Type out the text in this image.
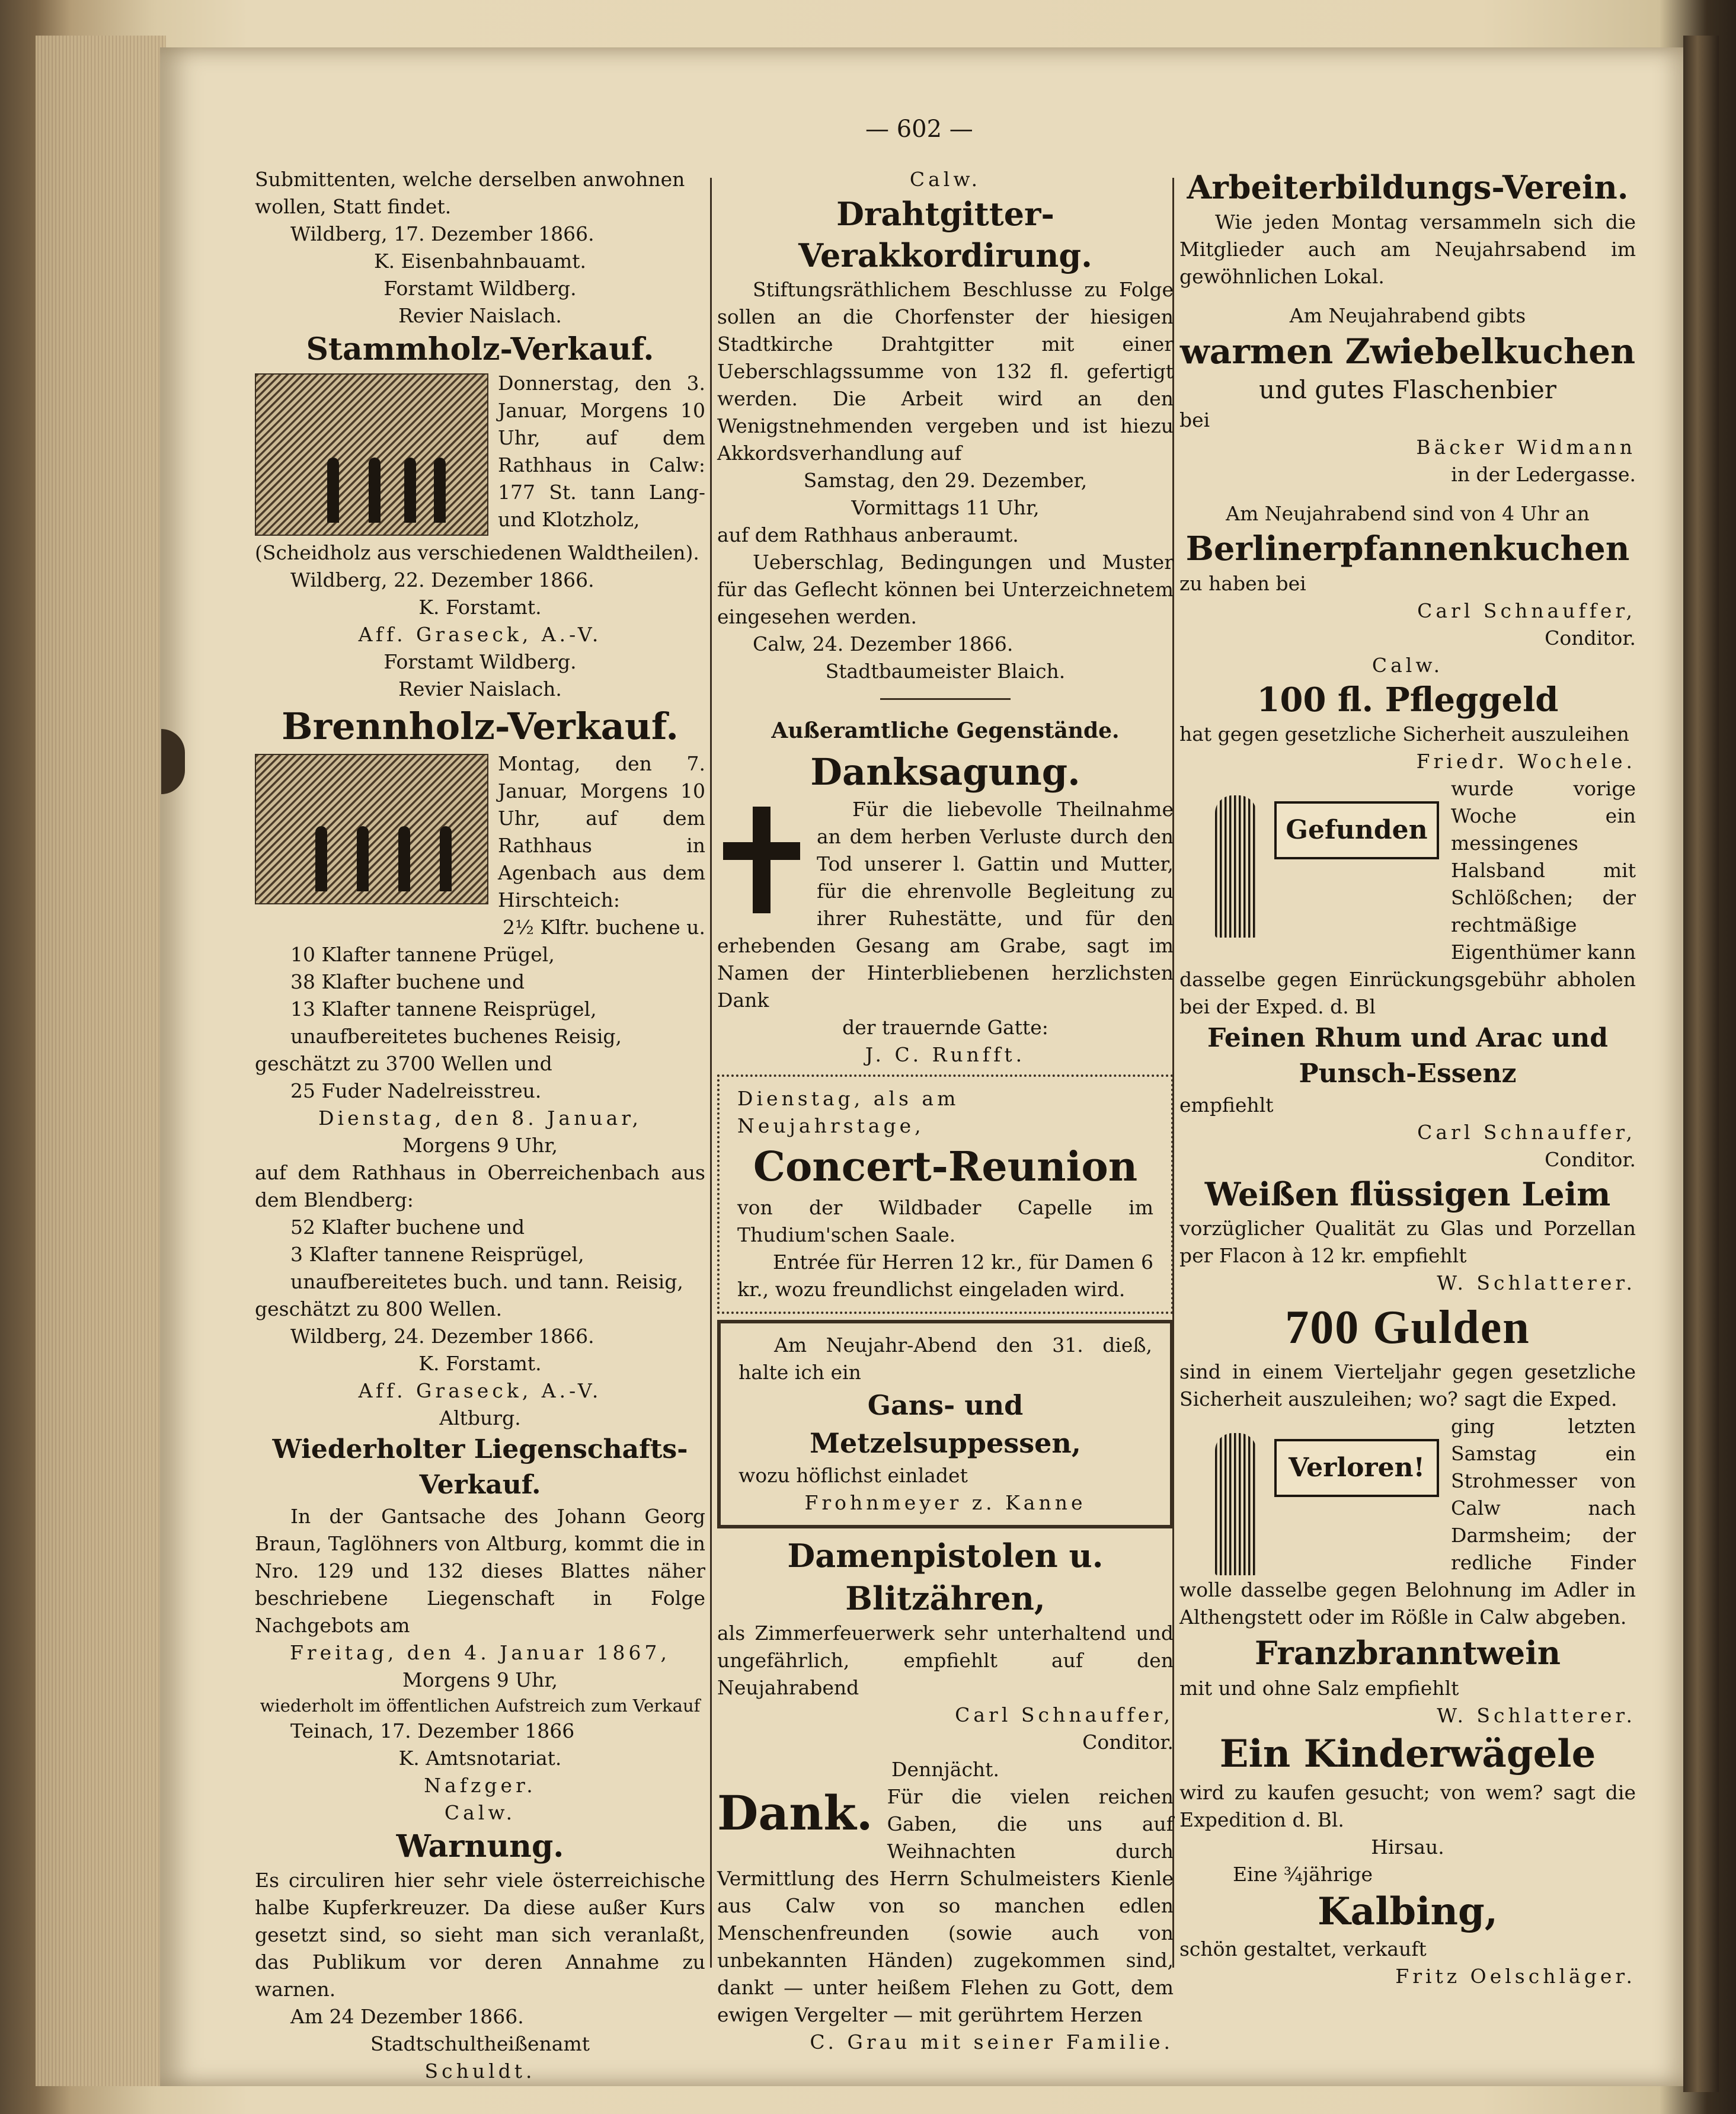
— 602 —

Submittenten, welche derselben anwohnen

wollen, Statt findet.

Wildberg, 17. Dezember 1866.

K. Eisenbahnbauamt.

Forstamt Wildberg.

Revier Naislach.

Stammholz-Verkauf.

Donnerstag, den 3. Januar, Morgens 10 Uhr, auf dem Rathhaus in Calw: 177 St. tann Lang- und Klotzholz,

(Scheidholz aus verschiedenen Waldtheilen).

Wildberg, 22. Dezember 1866.

K. Forstamt.

Aff. Graseck, A.-V.

Forstamt Wildberg.

Revier Naislach.

Brennholz-Verkauf.

Montag, den 7. Januar, Morgens 10 Uhr, auf dem Rathhaus in Agenbach aus dem Hirschteich:

2½ Klftr. buchene u.

10 Klafter tannene Prügel,

38 Klafter buchene und

13 Klafter tannene Reisprügel,

unaufbereitetes buchenes Reisig, geschätzt zu 3700 Wellen und

25 Fuder Nadelreisstreu.

Dienstag, den 8. Januar,

Morgens 9 Uhr,

auf dem Rathhaus in Oberreichenbach aus dem Blendberg:

52 Klafter buchene und

3 Klafter tannene Reisprügel,

unaufbereitetes buch. und tann. Reisig, geschätzt zu 800 Wellen.

Wildberg, 24. Dezember 1866.

K. Forstamt.

Aff. Graseck, A.-V.

Altburg.

Wiederholter Liegenschafts-Verkauf.

In der Gantsache des Johann Georg Braun, Taglöhners von Altburg, kommt die in Nro. 129 und 132 dieses Blattes näher beschriebene Liegenschaft in Folge Nachgebots am

Freitag, den 4. Januar 1867,

Morgens 9 Uhr,

wiederholt im öffentlichen Aufstreich zum Verkauf

Teinach, 17. Dezember 1866

K. Amtsnotariat.

Nafzger.

Calw.

Warnung.

Es circuliren hier sehr viele österreichische halbe Kupferkreuzer. Da diese außer Kurs gesetzt sind, so sieht man sich veranlaßt, das Publikum vor deren Annahme zu warnen.

Am 24 Dezember 1866.

Stadtschultheißenamt

Schuldt.

Calw.

Drahtgitter-Verakkordirung.

Stiftungsräthlichem Beschlusse zu Folge sollen an die Chorfenster der hiesigen Stadtkirche Drahtgitter mit einer Ueberschlagssumme von 132 fl. gefertigt werden. Die Arbeit wird an den Wenigstnehmenden vergeben und ist hiezu Akkordsverhandlung auf

Samstag, den 29. Dezember,

Vormittags 11 Uhr,

auf dem Rathhaus anberaumt.

Ueberschlag, Bedingungen und Muster für das Geflecht können bei Unterzeichnetem eingesehen werden.

Calw, 24. Dezember 1866.

Stadtbaumeister Blaich.

Außeramtliche Gegenstände.
Danksagung.

Für die liebevolle Theilnahme an dem herben Verluste durch den Tod unserer l. Gattin und Mutter, für die ehrenvolle Begleitung zu ihrer Ruhestätte, und für den erhebenden Gesang am Grabe, sagt im Namen der Hinterbliebenen herzlichsten Dank

der trauernde Gatte:

J. C. Runfft.

Dienstag, als am Neujahrstage,

Concert-Reunion

von der Wildbader Capelle im Thudium'schen Saale.

Entrée für Herren 12 kr., für Damen 6 kr., wozu freundlichst eingeladen wird.

Am Neujahr-Abend den 31. dieß, halte ich ein

Gans- und Metzelsuppessen,

wozu höflichst einladet

Frohnmeyer z. Kanne

Damenpistolen u. Blitzähren,

als Zimmerfeuerwerk sehr unterhaltend und ungefährlich, empfiehlt auf den Neujahrabend

Carl Schnauffer,

Conditor.

Dennjächt.

Dank. Für die vielen reichen Gaben, die uns auf Weihnachten durch Vermittlung des Herrn Schulmeisters Kienle aus Calw von so manchen edlen Menschenfreunden (sowie auch von unbekannten Händen) zugekommen sind, dankt — unter heißem Flehen zu Gott, dem ewigen Vergelter — mit gerührtem Herzen

C. Grau mit seiner Familie.

Arbeiterbildungs-Verein.

Wie jeden Montag versammeln sich die Mitglieder auch am Neujahrsabend im gewöhnlichen Lokal.

Am Neujahrabend gibts

warmen Zwiebelkuchen
und gutes Flaschenbier

bei

Bäcker Widmann

in der Ledergasse.

Am Neujahrabend sind von 4 Uhr an

Berlinerpfannenkuchen

zu haben bei

Carl Schnauffer,

Conditor.

Calw.

100 fl. Pfleggeld

hat gegen gesetzliche Sicherheit auszuleihen

Friedr. Wochele.

Gefunden

wurde vorige Woche ein messingenes Halsband mit Schlößchen; der rechtmäßige Eigenthümer kann dasselbe gegen Einrückungsgebühr abholen bei der Exped. d. Bl

Feinen Rhum und Arac und Punsch-Essenz

empfiehlt

Carl Schnauffer,

Conditor.

Weißen flüssigen Leim

vorzüglicher Qualität zu Glas und Porzellan per Flacon à 12 kr. empfiehlt

W. Schlatterer.

700 Gulden

sind in einem Vierteljahr gegen gesetzliche Sicherheit auszuleihen; wo? sagt die Exped.

Verloren!

ging letzten Samstag ein Strohmesser von Calw nach Darmsheim; der redliche Finder wolle dasselbe gegen Belohnung im Adler in Althengstett oder im Rößle in Calw abgeben.

Franzbranntwein

mit und ohne Salz empfiehlt

W. Schlatterer.

Ein Kinderwägele

wird zu kaufen gesucht; von wem? sagt die Expedition d. Bl.

Hirsau.

Eine ¾jährige

Kalbing,

schön gestaltet, verkauft

Fritz Oelschläger.
